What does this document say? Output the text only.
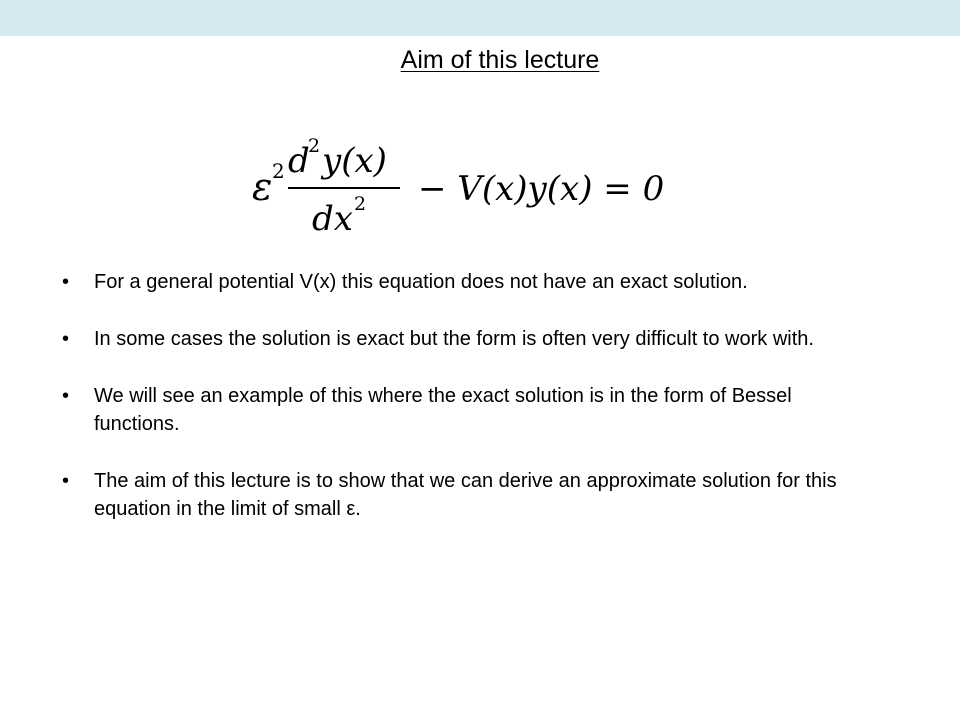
Aim of this lecture
ε 2 d
2 y(x)
dx 2 − V(x)y(x) = 0
• For a general potential V(x) this equation does not have an exact solution.
• In some cases the solution is exact but the form is often very difficult to work with.
• We will see an example of this where the exact solution is in the form of Bessel functions.
• The aim of this lecture is to show that we can derive an approximate solution for this equation in the limit of small ε.
